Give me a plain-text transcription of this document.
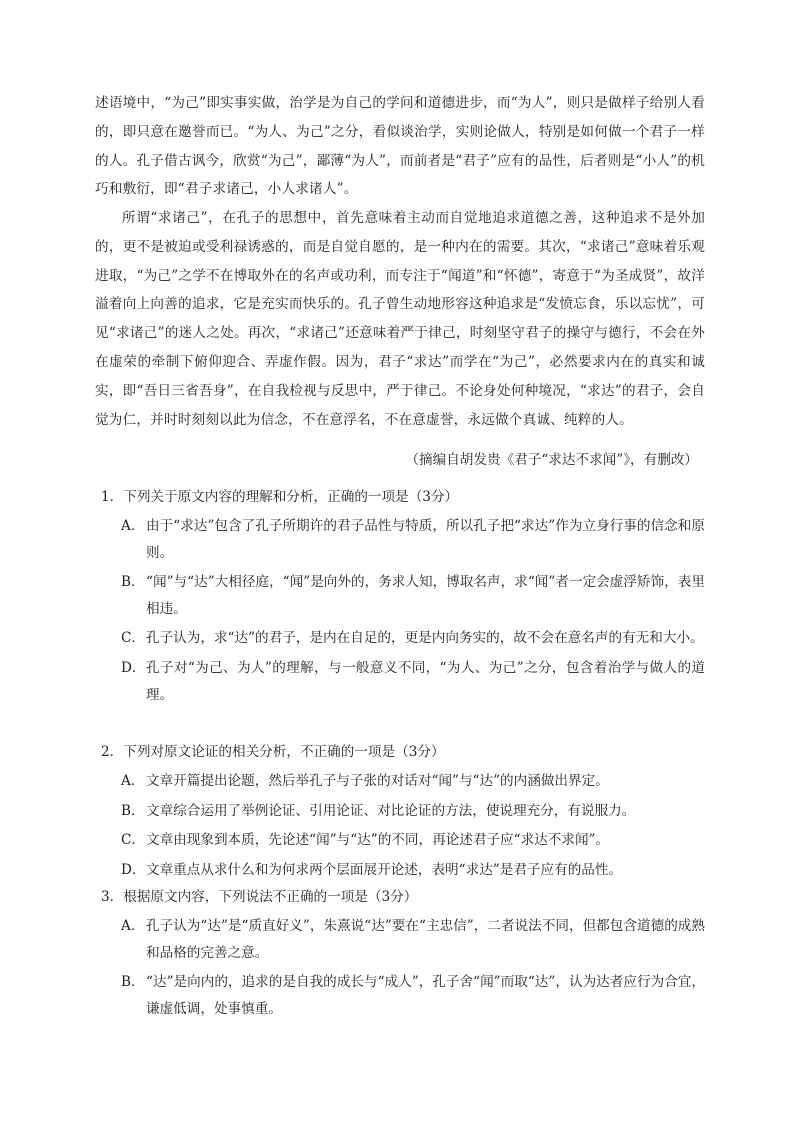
述语境中，“为己”即实事实做，治学是为自己的学问和道德进步，而“为人”，则只是做样子给别人看的，即只意在邀誉而已。“为人、为己”之分，看似谈治学，实则论做人，特别是如何做一个君子一样的人。孔子借古讽今，欣赏“为己”，鄙薄“为人”，而前者是“君子”应有的品性，后者则是“小人”的机巧和敷衍，即“君子求诸己，小人求诸人”。

所谓“求诸己”，在孔子的思想中，首先意味着主动而自觉地追求道德之善，这种追求不是外加的，更不是被迫或受利禄诱惑的，而是自觉自愿的，是一种内在的需要。其次，“求诸己”意味着乐观进取，“为己”之学不在博取外在的名声或功利，而专注于“闻道”和“怀德”，寄意于“为圣成贤”，故洋溢着向上向善的追求，它是充实而快乐的。孔子曾生动地形容这种追求是“发愤忘食，乐以忘忧”，可见“求诸己”的迷人之处。再次，“求诸己”还意味着严于律己，时刻坚守君子的操守与德行，不会在外在虚荣的牵制下俯仰迎合、弄虚作假。因为，君子“求达”而学在“为己”，必然要求内在的真实和诚实，即“吾日三省吾身”，在自我检视与反思中，严于律己。不论身处何种境况，“求达”的君子，会自觉为仁，并时时刻刻以此为信念，不在意浮名，不在意虚誉，永远做个真诚、纯粹的人。

（摘编自胡发贵《君子“求达不求闻”》，有删改）

1．下列关于原文内容的理解和分析，正确的一项是（3分）

A． 由于“求达”包含了孔子所期许的君子品性与特质，所以孔子把“求达”作为立身行事的信念和原则。
B． “闻”与“达”大相径庭，“闻”是向外的，务求人知，博取名声，求“闻”者一定会虚浮矫饰，表里相违。
C． 孔子认为，求“达”的君子，是内在自足的，更是内向务实的，故不会在意名声的有无和大小。
D． 孔子对“为己、为人”的理解，与一般意义不同，“为人、为己”之分，包含着治学与做人的道理。

2．下列对原文论证的相关分析，不正确的一项是（3分）

A． 文章开篇提出论题，然后举孔子与子张的对话对“闻”与“达”的内涵做出界定。
B． 文章综合运用了举例论证、引用论证、对比论证的方法，使说理充分，有说服力。
C． 文章由现象到本质，先论述“闻”与“达”的不同，再论述君子应“求达不求闻”。
D． 文章重点从求什么和为何求两个层面展开论述，表明“求达”是君子应有的品性。

3．根据原文内容，下列说法不正确的一项是（3分）

A． 孔子认为“达”是“质直好义”，朱熹说“达”要在“主忠信”，二者说法不同，但都包含道德的成熟和品格的完善之意。
B． “达”是向内的，追求的是自我的成长与“成人”，孔子舍“闻”而取“达”，认为达者应行为合宜，谦虚低调，处事慎重。
